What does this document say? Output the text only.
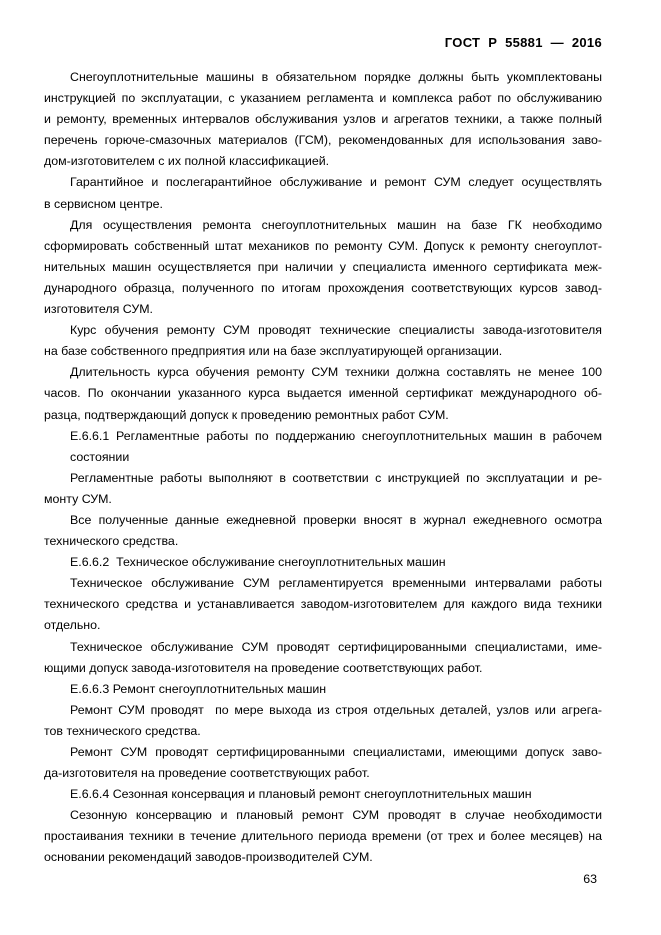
ГОСТ Р 55881 — 2016
Снегоуплотнительные машины в обязательном порядке должны быть укомплектованы
инструкцией по эксплуатации, с указанием регламента и комплекса работ по обслуживанию
и ремонту, временных интервалов обслуживания узлов и агрегатов техники, а также полный
перечень горюче-смазочных материалов (ГСМ), рекомендованных для использования заво-
дом-изготовителем с их полной классификацией.
Гарантийное и послегарантийное обслуживание и ремонт СУМ следует осуществлять
в сервисном центре.
Для осуществления ремонта снегоуплотнительных машин на базе ГК необходимо
сформировать собственный штат механиков по ремонту СУМ. Допуск к ремонту снегоуплот-
нительных машин осуществляется при наличии у специалиста именного сертификата меж-
дународного образца, полученного по итогам прохождения соответствующих курсов завод-
изготовителя СУМ.
Курс обучения ремонту СУМ проводят технические специалисты завода-изготовителя
на базе собственного предприятия или на базе эксплуатирующей организации.
Длительность курса обучения ремонту СУМ техники должна составлять не менее 100
часов. По окончании указанного курса выдается именной сертификат международного об-
разца, подтверждающий допуск к проведению ремонтных работ СУМ.
Е.6.6.1 Регламентные работы по поддержанию снегоуплотнительных машин в рабочем
состоянии
Регламентные работы выполняют в соответствии с инструкцией по эксплуатации и ре-
монту СУМ.
Все полученные данные ежедневной проверки вносят в журнал ежедневного осмотра
технического средства.
Е.6.6.2  Техническое обслуживание снегоуплотнительных машин
Техническое обслуживание СУМ регламентируется временными интервалами работы
технического средства и устанавливается заводом-изготовителем для каждого вида техники
отдельно.
Техническое обслуживание СУМ проводят сертифицированными специалистами, име-
ющими допуск завода-изготовителя на проведение соответствующих работ.
Е.6.6.3 Ремонт снегоуплотнительных машин
Ремонт СУМ проводят  по мере выхода из строя отдельных деталей, узлов или агрега-
тов технического средства.
Ремонт СУМ проводят сертифицированными специалистами, имеющими допуск заво-
да-изготовителя на проведение соответствующих работ.
Е.6.6.4 Сезонная консервация и плановый ремонт снегоуплотнительных машин
Сезонную консервацию и плановый ремонт СУМ проводят в случае необходимости
простаивания техники в течение длительного периода времени (от трех и более месяцев) на
основании рекомендаций заводов-производителей СУМ.
63
